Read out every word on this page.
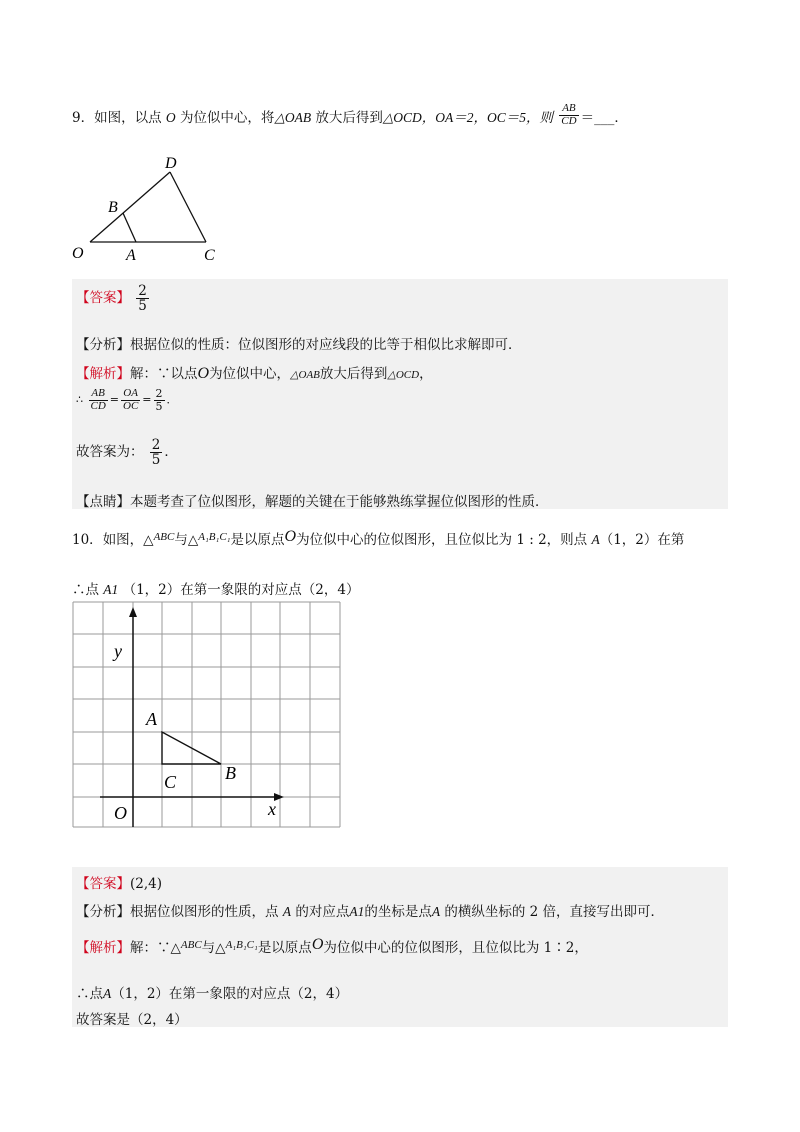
9．如图，以点 O 为位似中心，将△OAB 放大后得到△OCD，OA＝2，OC＝5，则 $\frac{AB}{CD}$ ＝___．
D
B
O	A	C
【答案】 $\frac{2}{5}$
【分析】根据位似的性质：位似图形的对应线段的比等于相似比求解即可．
【解析】解：∵以点O为位似中心，△OAB放大后得到△OCD，
∴ $\frac{AB}{CD} = \frac{OA}{OC} = \frac{2}{5}$ ．
故答案为： $\frac{2}{5}$ ．
【点睛】本题考查了位似图形，解题的关键在于能够熟练掌握位似图形的性质．
10．如图，△$^{ABC}$与△$^{A_1B_1C_1}$是以原点O为位似中心的位似图形，且位似比为 1 : 2，则点 A（1，2）在第
∴点 A1 （1，2）在第一象限的对应点（2，4）
y
x
O
A
B
C
【答案】(2,4)
【分析】根据位似图形的性质，点 A 的对应点A1的坐标是点A 的横纵坐标的 2 倍，直接写出即可．
【解析】解：∵△$^{ABC}$与△$^{A_1B_1C_1}$是以原点O为位似中心的位似图形，且位似比为 1∶2，
∴点A（1，2）在第一象限的对应点（2，4）
故答案是（2，4）
